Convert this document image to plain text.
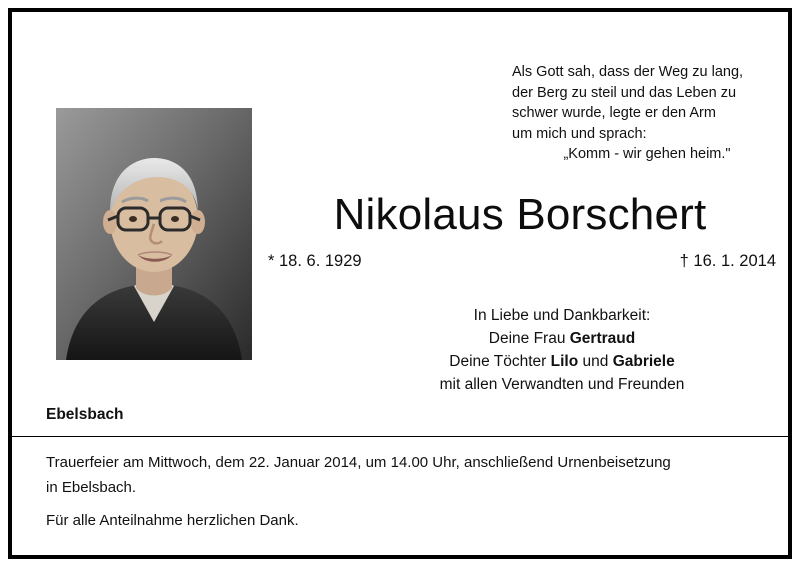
Als Gott sah, dass der Weg zu lang,
der Berg zu steil und das Leben zu
schwer wurde, legte er den Arm
um mich und sprach:
„Komm - wir gehen heim."
Nikolaus Borschert
* 18. 6. 1929	† 16. 1. 2014
In Liebe und Dankbarkeit:
Deine Frau Gertraud
Deine Töchter Lilo und Gabriele
mit allen Verwandten und Freunden
Ebelsbach
Trauerfeier am Mittwoch, dem 22. Januar 2014, um 14.00 Uhr, anschließend Urnenbeisetzung
in Ebelsbach.
Für alle Anteilnahme herzlichen Dank.
